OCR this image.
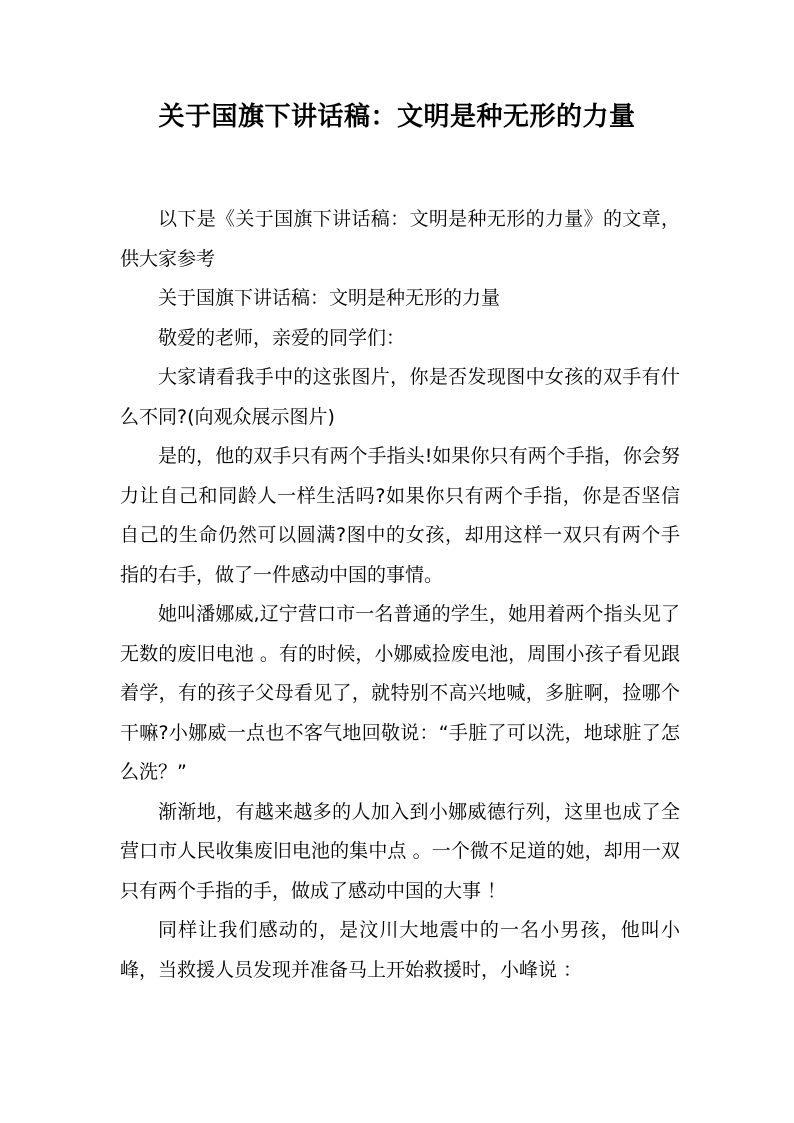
关于国旗下讲话稿：文明是种无形的力量

以下是《关于国旗下讲话稿：文明是种无形的力量》的文章，供大家参考

关于国旗下讲话稿：文明是种无形的力量

敬爱的老师，亲爱的同学们：

大家请看我手中的这张图片，你是否发现图中女孩的双手有什么不同?(向观众展示图片)

是的，他的双手只有两个手指头!如果你只有两个手指，你会努力让自己和同龄人一样生活吗?如果你只有两个手指，你是否坚信自己的生命仍然可以圆满?图中的女孩，却用这样一双只有两个手指的右手，做了一件感动中国的事情。

她叫潘娜威,辽宁营口市一名普通的学生，她用着两个指头见了无数的废旧电池 。有的时候，小娜威捡废电池，周围小孩子看见跟着学，有的孩子父母看见了，就特别不高兴地喊，多脏啊，捡哪个干嘛?小娜威一点也不客气地回敬说：“手脏了可以洗，地球脏了怎么洗？”

渐渐地，有越来越多的人加入到小娜威德行列，这里也成了全营口市人民收集废旧电池的集中点 。一个微不足道的她，却用一双只有两个手指的手，做成了感动中国的大事 ！

同样让我们感动的，是汶川大地震中的一名小男孩，他叫小峰，当救援人员发现并准备马上开始救援时，小峰说 ：
